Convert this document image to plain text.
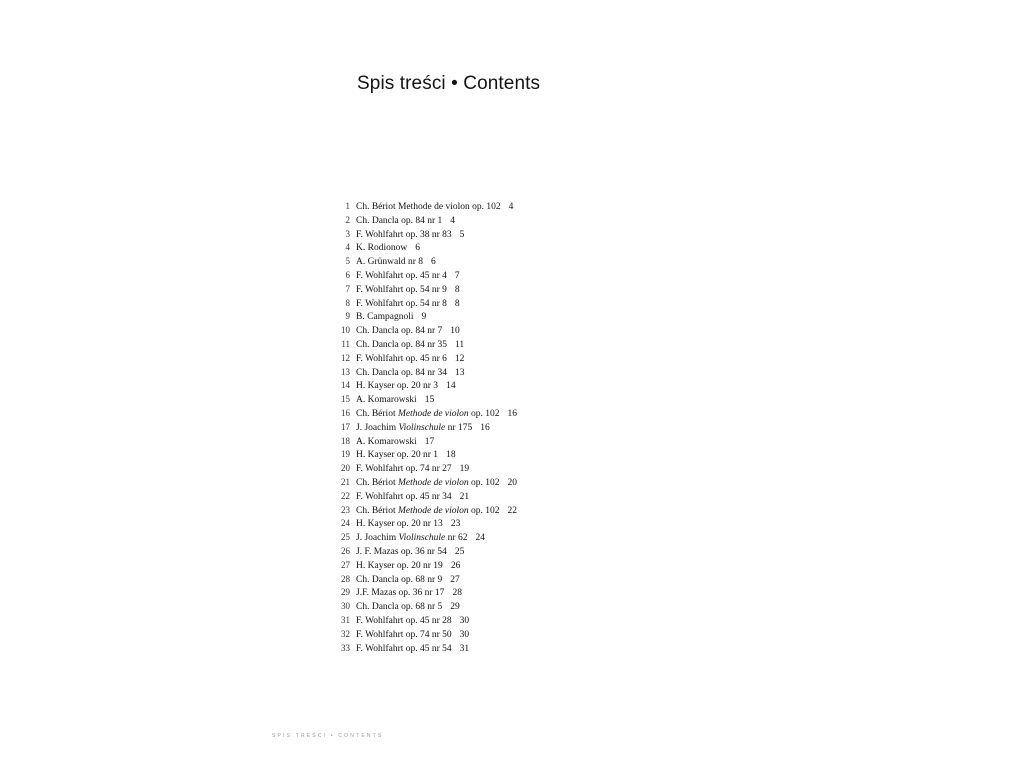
Spis treści • Contents
1 Ch. Bériot Methode de violon op. 102 4
2 Ch. Dancla op. 84 nr 1 4
3 F. Wohlfahrt op. 38 nr 83 5
4 K. Rodionow 6
5 A. Grünwald nr 8 6
6 F. Wohlfahrt op. 45 nr 4 7
7 F. Wohlfahrt op. 54 nr 9 8
8 F. Wohlfahrt op. 54 nr 8 8
9 B. Campagnoli 9
10 Ch. Dancla op. 84 nr 7 10
11 Ch. Dancla op. 84 nr 35 11
12 F. Wohlfahrt op. 45 nr 6 12
13 Ch. Dancla op. 84 nr 34 13
14 H. Kayser op. 20 nr 3 14
15 A. Komarowski 15
16 Ch. Bériot Methode de violon op. 102 16
17 J. Joachim Violinschule nr 175 16
18 A. Komarowski 17
19 H. Kayser op. 20 nr 1 18
20 F. Wohlfahrt op. 74 nr 27 19
21 Ch. Bériot Methode de violon op. 102 20
22 F. Wohlfahrt op. 45 nr 34 21
23 Ch. Bériot Methode de violon op. 102 22
24 H. Kayser op. 20 nr 13 23
25 J. Joachim Violinschule nr 62 24
26 J. F. Mazas op. 36 nr 54 25
27 H. Kayser op. 20 nr 19 26
28 Ch. Dancla op. 68 nr 9 27
29 J.F. Mazas op. 36 nr 17 28
30 Ch. Dancla op. 68 nr 5 29
31 F. Wohlfahrt op. 45 nr 28 30
32 F. Wohlfahrt op. 74 nr 50 30
33 F. Wohlfahrt op. 45 nr 54 31
SPIS TREŚCI • CONTENTS
